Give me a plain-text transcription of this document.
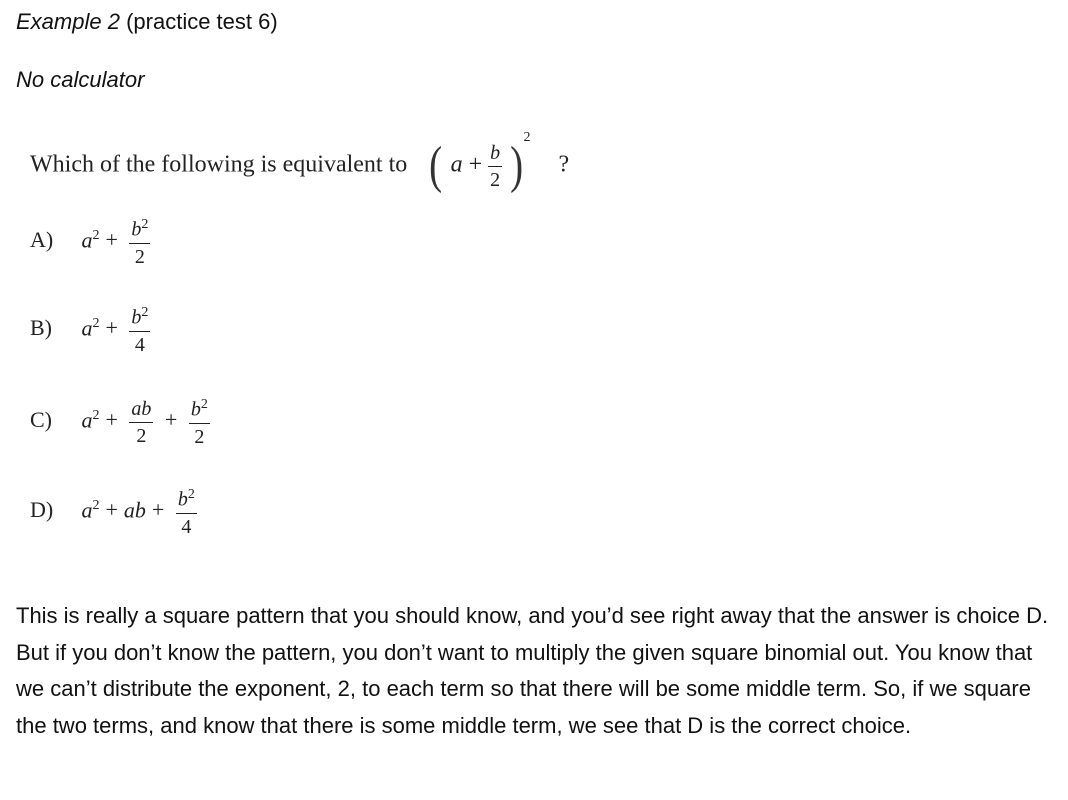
Example 2 (practice test 6)
No calculator
Which of the following is equivalent to ( $a + \frac{b}{2} )^2$  ?
A) $a^2 + \frac{b^2}{2}$
B) $a^2 + \frac{b^2}{4}$
C) $a^2 + \frac{ab}{2} + \frac{b^2}{2}$
D) $a^2$ + ab + $\frac{b^2}{4}$
This is really a square pattern that you should know, and you’d see right away that the answer is choice D. But if you don’t know the pattern, you don’t want to multiply the given square binomial out. You know that we can’t distribute the exponent, 2, to each term so that there will be some middle term. So, if we square the two terms, and know that there is some middle term, we see that D is the correct choice.
